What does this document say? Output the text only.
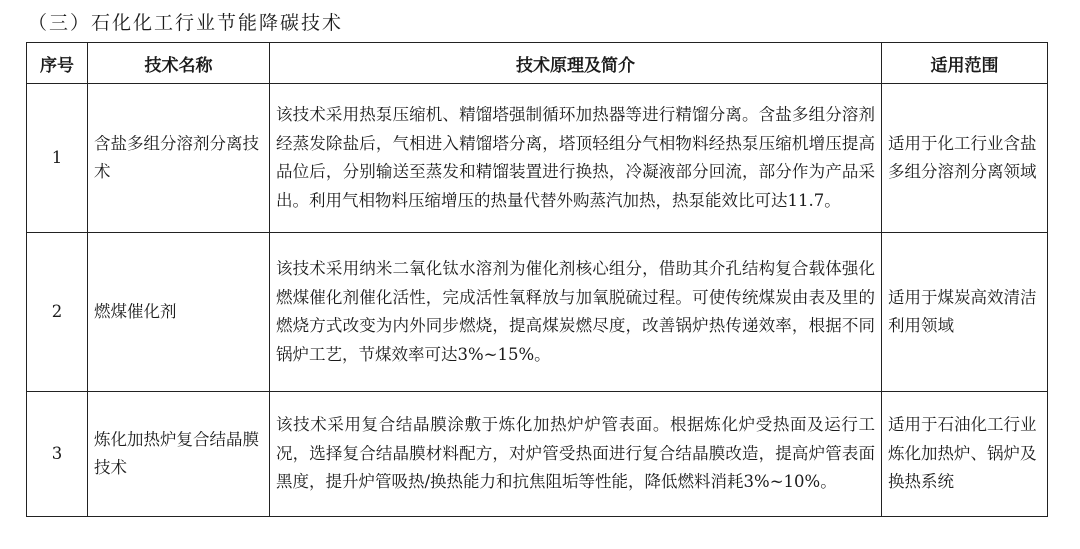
（三）石化化工行业节能降碳技术
序号	技术名称	技术原理及简介	适用范围
1	含盐多组分溶剂分离技术	该技术采用热泵压缩机、精馏塔强制循环加热器等进行精馏分离。含盐多组分溶剂经蒸发除盐后，气相进入精馏塔分离，塔顶轻组分气相物料经热泵压缩机增压提高品位后，分别输送至蒸发和精馏装置进行换热，冷凝液部分回流，部分作为产品采出。利用气相物料压缩增压的热量代替外购蒸汽加热，热泵能效比可达11.7。	适用于化工行业含盐多组分溶剂分离领域
2	燃煤催化剂	该技术采用纳米二氧化钛水溶剂为催化剂核心组分，借助其介孔结构复合载体强化燃煤催化剂催化活性，完成活性氧释放与加氧脱硫过程。可使传统煤炭由表及里的燃烧方式改变为内外同步燃烧，提高煤炭燃尽度，改善锅炉热传递效率，根据不同锅炉工艺，节煤效率可达3%~15%。	适用于煤炭高效清洁利用领域
3	炼化加热炉复合结晶膜技术	该技术采用复合结晶膜涂敷于炼化加热炉炉管表面。根据炼化炉受热面及运行工况，选择复合结晶膜材料配方，对炉管受热面进行复合结晶膜改造，提高炉管表面黑度，提升炉管吸热/换热能力和抗焦阻垢等性能，降低燃料消耗3%~10%。	适用于石油化工行业炼化加热炉、锅炉及换热系统
